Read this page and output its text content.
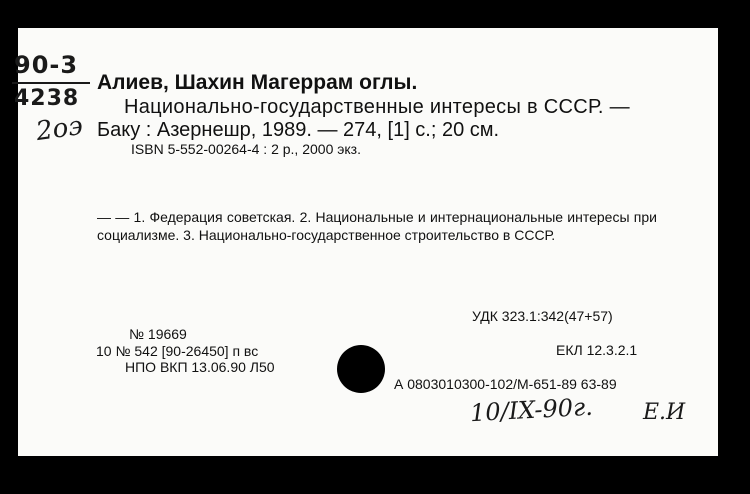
90-3
4238
2оэ
Алиев, Шахин Магеррам оглы.
Национально-государственные интересы в СССР. —
Баку : Азернешр, 1989. — 274, [1] с.; 20 см.
ISBN 5-552-00264-4 : 2 р., 2000 экз.
— — 1. Федерация советская. 2. Национальные и интернациональные интересы при социализме. 3. Национально-государственное строительство в СССР.
УДК 323.1:342(47+57)
№ 19669
10 № 542 [90-26450] п вс	ЕКЛ 12.3.2.1
НПО ВКП 13.06.90 Л50
А 0803010300-102/М-651-89 63-89
10/IX-90г. Е.И
